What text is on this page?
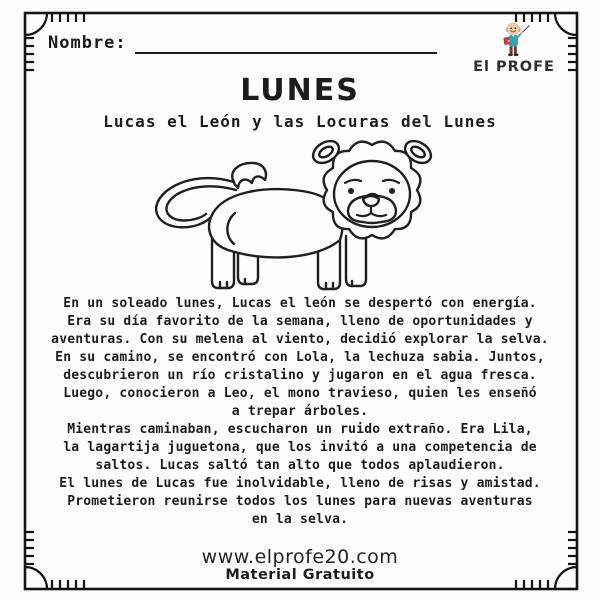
Nombre:
El PROFE
LUNES
Lucas el León y las Locuras del Lunes
En un soleado lunes, Lucas el león se despertó con energía.
Era su día favorito de la semana, lleno de oportunidades y
aventuras. Con su melena al viento, decidió explorar la selva.
En su camino, se encontró con Lola, la lechuza sabia. Juntos,
descubrieron un río cristalino y jugaron en el agua fresca.
Luego, conocieron a Leo, el mono travieso, quien les enseñó
a trepar árboles.
Mientras caminaban, escucharon un ruido extraño. Era Lila,
la lagartija juguetona, que los invitó a una competencia de
saltos. Lucas saltó tan alto que todos aplaudieron.
El lunes de Lucas fue inolvidable, lleno de risas y amistad.
Prometieron reunirse todos los lunes para nuevas aventuras
en la selva.
www.elprofe20.com
Material Gratuito
